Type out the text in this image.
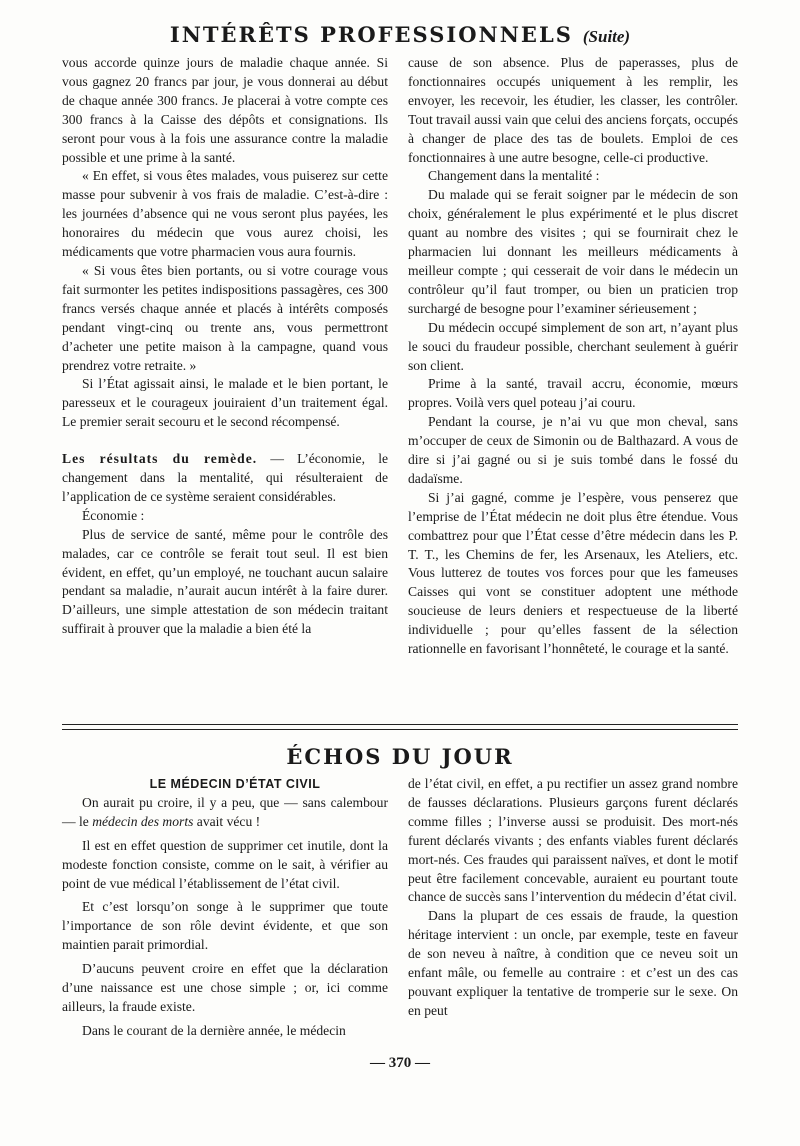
INTÉRÊTS PROFESSIONNELS (Suite)

vous accorde quinze jours de maladie chaque année. Si vous gagnez 20 francs par jour, je vous donnerai au début de chaque année 300 francs. Je placerai à votre compte ces 300 francs à la Caisse des dépôts et consignations. Ils seront pour vous à la fois une assurance contre la maladie possible et une prime à la santé.

« En effet, si vous êtes malades, vous puiserez sur cette masse pour subvenir à vos frais de maladie. C’est-à-dire : les journées d’absence qui ne vous seront plus payées, les honoraires du médecin que vous aurez choisi, les médicaments que votre pharmacien vous aura fournis.

« Si vous êtes bien portants, ou si votre courage vous fait surmonter les petites indispositions passagères, ces 300 francs versés chaque année et placés à intérêts composés pendant vingt-cinq ou trente ans, vous permettront d’acheter une petite maison à la campagne, quand vous prendrez votre retraite. »

Si l’État agissait ainsi, le malade et le bien portant, le paresseux et le courageux jouiraient d’un traitement égal. Le premier serait secouru et le second récompensé.

Les résultats du remède. — L’économie, le changement dans la mentalité, qui résulteraient de l’application de ce système seraient considérables.

Économie :

Plus de service de santé, même pour le contrôle des malades, car ce contrôle se ferait tout seul. Il est bien évident, en effet, qu’un employé, ne touchant aucun salaire pendant sa maladie, n’aurait aucun intérêt à la faire durer. D’ailleurs, une simple attestation de son médecin traitant suffirait à prouver que la maladie a bien été la

cause de son absence. Plus de paperasses, plus de fonctionnaires occupés uniquement à les remplir, les envoyer, les recevoir, les étudier, les classer, les contrôler. Tout travail aussi vain que celui des anciens forçats, occupés à changer de place des tas de boulets. Emploi de ces fonctionnaires à une autre besogne, celle-ci productive.

Changement dans la mentalité :

Du malade qui se ferait soigner par le médecin de son choix, généralement le plus expérimenté et le plus discret quant au nombre des visites ; qui se fournirait chez le pharmacien lui donnant les meilleurs médicaments à meilleur compte ; qui cesserait de voir dans le médecin un contrôleur qu’il faut tromper, ou bien un praticien trop surchargé de besogne pour l’examiner sérieusement ;

Du médecin occupé simplement de son art, n’ayant plus le souci du fraudeur possible, cherchant seulement à guérir son client.

Prime à la santé, travail accru, économie, mœurs propres. Voilà vers quel poteau j’ai couru.

Pendant la course, je n’ai vu que mon cheval, sans m’occuper de ceux de Simonin ou de Balthazard. A vous de dire si j’ai gagné ou si je suis tombé dans le fossé du dadaïsme.

Si j’ai gagné, comme je l’espère, vous penserez que l’emprise de l’État médecin ne doit plus être étendue. Vous combattrez pour que l’État cesse d’être médecin dans les P. T. T., les Chemins de fer, les Arsenaux, les Ateliers, etc. Vous lutterez de toutes vos forces pour que les fameuses Caisses qui vont se constituer adoptent une méthode soucieuse de leurs deniers et respectueuse de la liberté individuelle ; pour qu’elles fassent de la sélection rationnelle en favorisant l’honnêteté, le courage et la santé.

ÉCHOS DU JOUR

LE MÉDECIN D’ÉTAT CIVIL

On aurait pu croire, il y a peu, que — sans calembour — le médecin des morts avait vécu !

Il est en effet question de supprimer cet inutile, dont la modeste fonction consiste, comme on le sait, à vérifier au point de vue médical l’établissement de l’état civil.

Et c’est lorsqu’on songe à le supprimer que toute l’importance de son rôle devint évidente, et que son maintien parait primordial.

D’aucuns peuvent croire en effet que la déclaration d’une naissance est une chose simple ; or, ici comme ailleurs, la fraude existe.

Dans le courant de la dernière année, le médecin

de l’état civil, en effet, a pu rectifier un assez grand nombre de fausses déclarations. Plusieurs garçons furent déclarés comme filles ; l’inverse aussi se produisit. Des mort-nés furent déclarés vivants ; des enfants viables furent déclarés mort-nés. Ces fraudes qui paraissent naïves, et dont le motif peut être facilement concevable, auraient eu pourtant toute chance de succès sans l’intervention du médecin d’état civil.

Dans la plupart de ces essais de fraude, la question héritage intervient : un oncle, par exemple, teste en faveur de son neveu à naître, à condition que ce neveu soit un enfant mâle, ou femelle au contraire : et c’est un des cas pouvant expliquer la tentative de tromperie sur le sexe. On en peut

— 370 —
